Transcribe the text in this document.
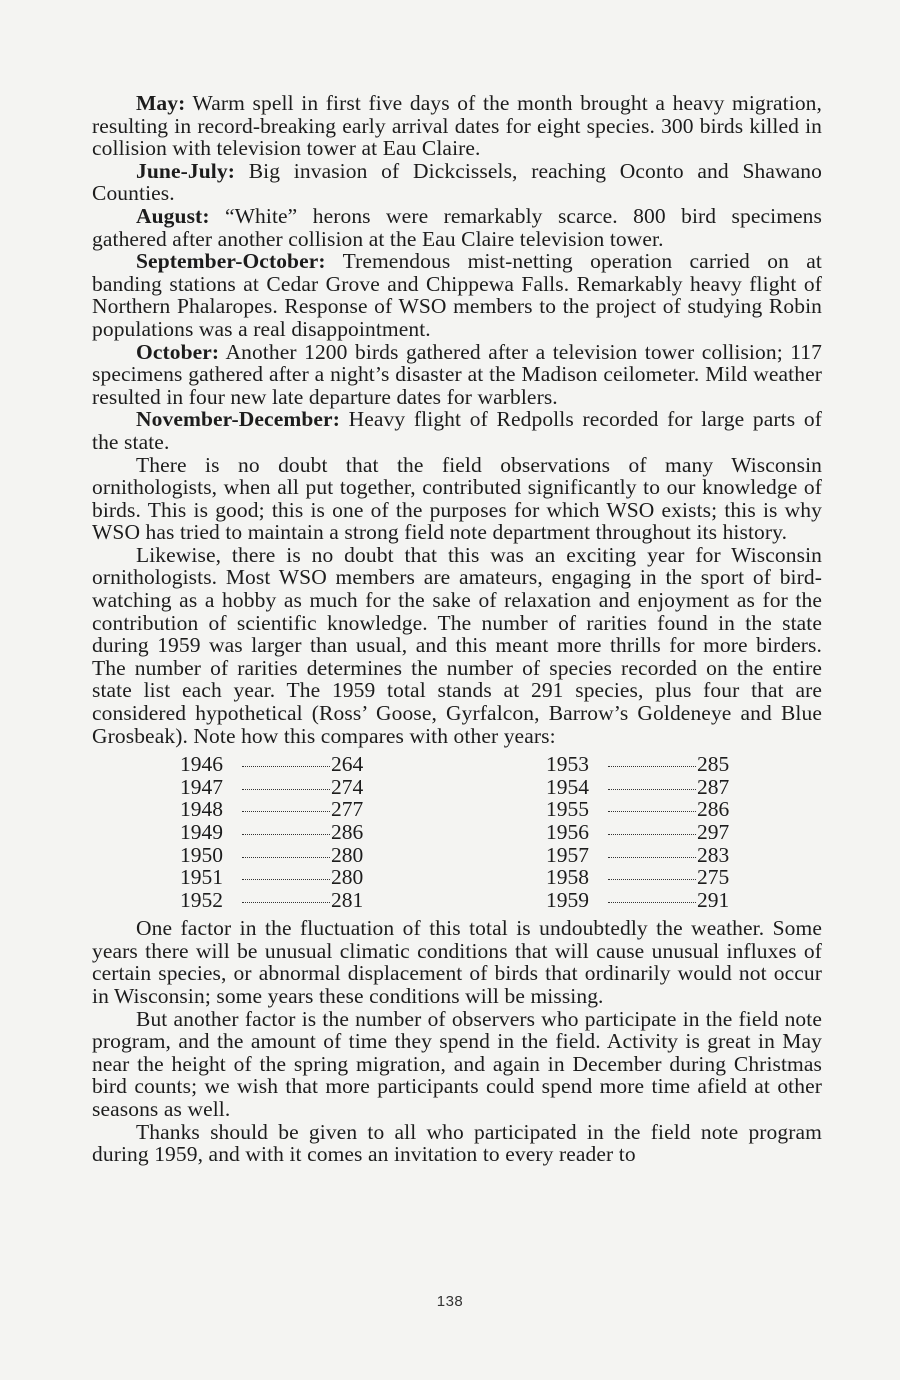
May: Warm spell in first five days of the month brought a heavy migration, resulting in record-breaking early arrival dates for eight species. 300 birds killed in collision with television tower at Eau Claire.

June-July: Big invasion of Dickcissels, reaching Oconto and Shawano Counties.

August: “White” herons were remarkably scarce. 800 bird specimens gathered after another collision at the Eau Claire television tower.

September-October: Tremendous mist-netting operation carried on at banding stations at Cedar Grove and Chippewa Falls. Remarkably heavy flight of Northern Phalaropes. Response of WSO members to the project of studying Robin populations was a real disappointment.

October: Another 1200 birds gathered after a television tower collision; 117 specimens gathered after a night’s disaster at the Madison ceilometer. Mild weather resulted in four new late departure dates for warblers.

November-December: Heavy flight of Redpolls recorded for large parts of the state.

There is no doubt that the field observations of many Wisconsin ornithologists, when all put together, contributed significantly to our knowledge of birds. This is good; this is one of the purposes for which WSO exists; this is why WSO has tried to maintain a strong field note department throughout its history.

Likewise, there is no doubt that this was an exciting year for Wisconsin ornithologists. Most WSO members are amateurs, engaging in the sport of bird-watching as a hobby as much for the sake of relaxation and enjoyment as for the contribution of scientific knowledge. The number of rarities found in the state during 1959 was larger than usual, and this meant more thrills for more birders. The number of rarities determines the number of species recorded on the entire state list each year. The 1959 total stands at 291 species, plus four that are considered hypothetical (Ross’ Goose, Gyrfalcon, Barrow’s Goldeneye and Blue Grosbeak). Note how this compares with other years:

1946	264
1947	274
1948	277
1949	286
1950	280
1951	280
1952	281
1953	285
1954	287
1955	286
1956	297
1957	283
1958	275
1959	291

One factor in the fluctuation of this total is undoubtedly the weather. Some years there will be unusual climatic conditions that will cause unusual influxes of certain species, or abnormal displacement of birds that ordinarily would not occur in Wisconsin; some years these conditions will be missing.

But another factor is the number of observers who participate in the field note program, and the amount of time they spend in the field. Activity is great in May near the height of the spring migration, and again in December during Christmas bird counts; we wish that more participants could spend more time afield at other seasons as well.

Thanks should be given to all who participated in the field note program during 1959, and with it comes an invitation to every reader to

138
